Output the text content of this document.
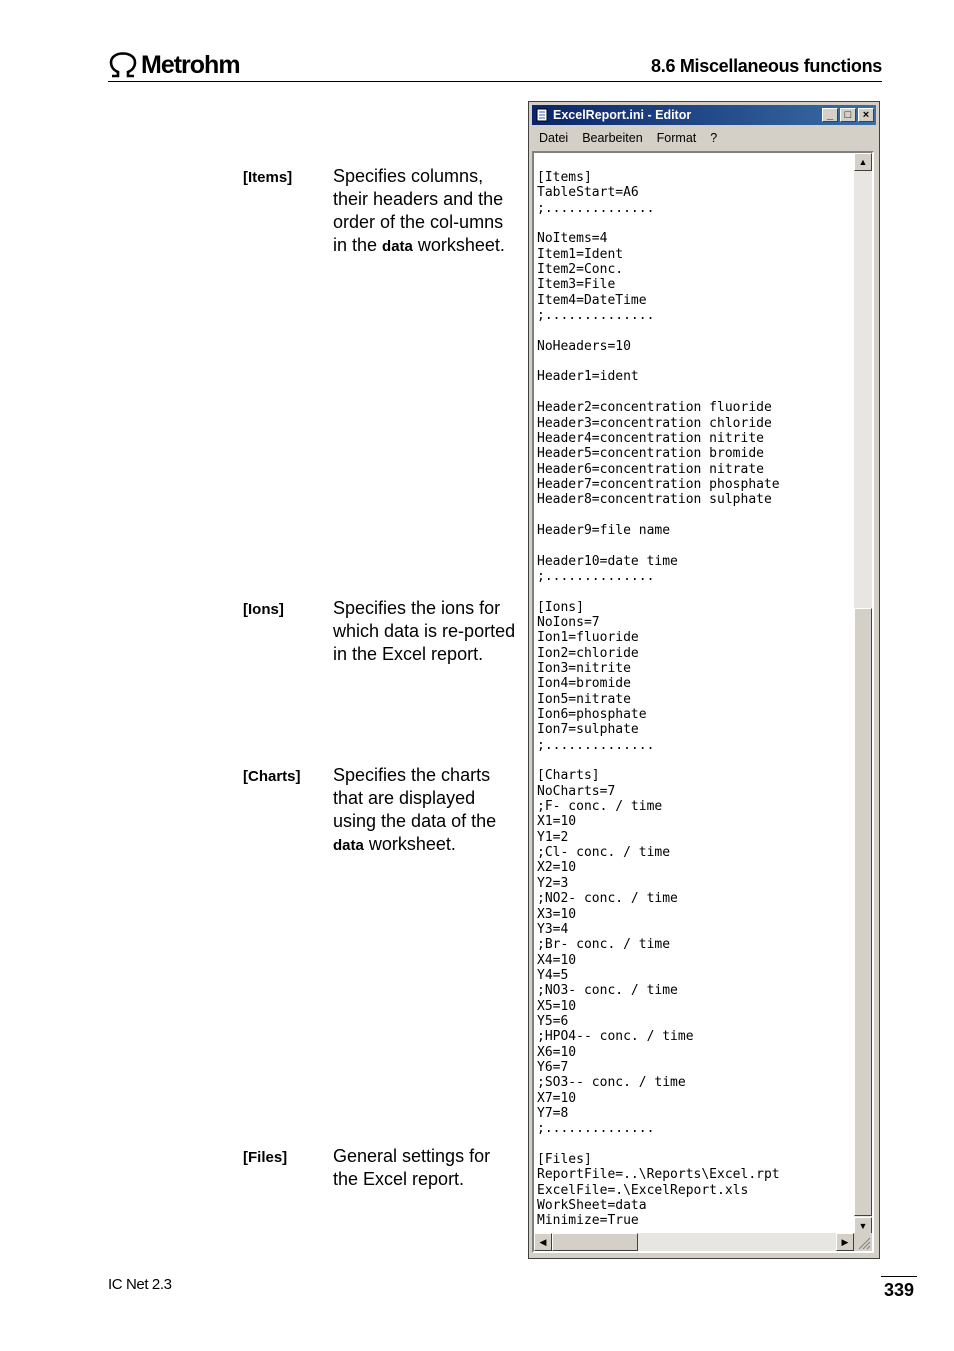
Metrohm	8.6 Miscellaneous functions
[Items] Specifies columns, their headers and the order of the col-umns in the data worksheet.
[Ions]	Specifies the ions for which data is re-ported in the Excel report.
[Charts] Specifies the charts that are displayed using the data of the data worksheet.
[Files]	General settings for the Excel report.
ExcelReport.ini - Editor	_	□	×
Datei Bearbeiten Format ?
[Items]
TableStart=A6
;..............

NoItems=4
Item1=Ident
Item2=Conc.
Item3=File
Item4=DateTime
;..............

NoHeaders=10

Header1=ident

Header2=concentration fluoride
Header3=concentration chloride
Header4=concentration nitrite
Header5=concentration bromide
Header6=concentration nitrate
Header7=concentration phosphate
Header8=concentration sulphate

Header9=file name

Header10=date time
;..............

[Ions]
NoIons=7
Ion1=fluoride
Ion2=chloride
Ion3=nitrite
Ion4=bromide
Ion5=nitrate
Ion6=phosphate
Ion7=sulphate
;..............

[Charts]
NoCharts=7
;F- conc. / time
X1=10
Y1=2
;Cl- conc. / time
X2=10
Y2=3
;NO2- conc. / time
X3=10
Y3=4
;Br- conc. / time
X4=10
Y4=5
;NO3- conc. / time
X5=10
Y5=6
;HPO4-- conc. / time
X6=10
Y6=7
;SO3-- conc. / time
X7=10
Y7=8
;..............

[Files]
ReportFile=..\Reports\Excel.rpt
ExcelFile=.\ExcelReport.xls
WorkSheet=data
Minimize=True
▲
▼
◀	▶
IC Net 2.3	339
